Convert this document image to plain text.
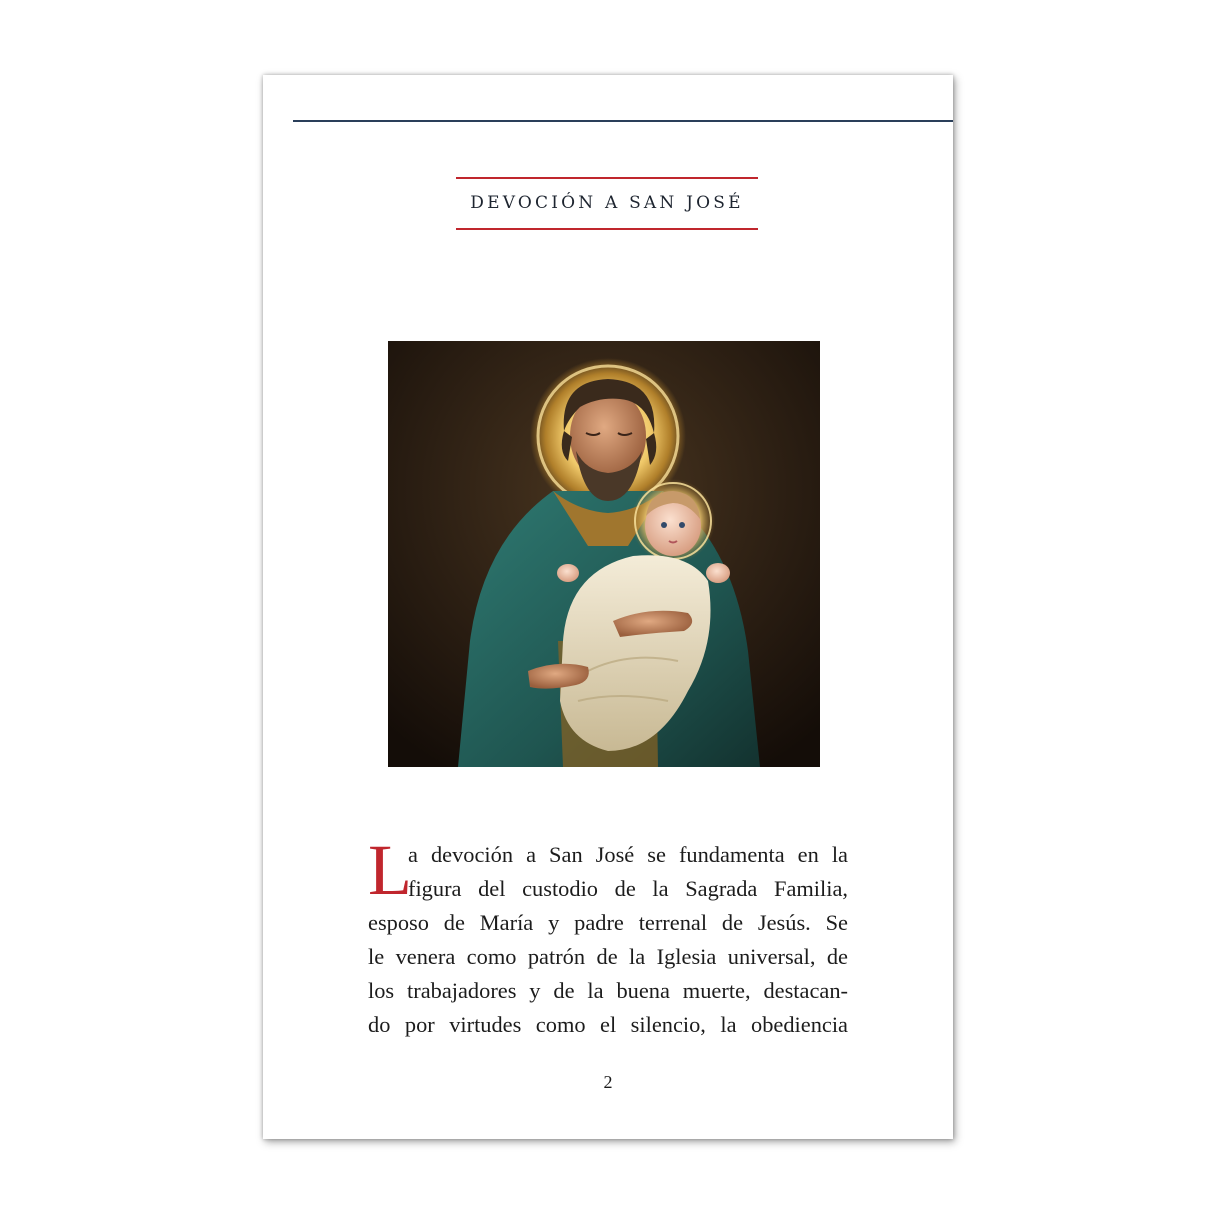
DEVOCIÓN A SAN JOSÉ
L
a devoción a San José se fundamenta en la
figura del custodio de la Sagrada Familia,
esposo de María y padre terrenal de Jesús. Se
le venera como patrón de la Iglesia universal, de
los trabajadores y de la buena muerte, destacan-
do por virtudes como el silencio, la obediencia
2
